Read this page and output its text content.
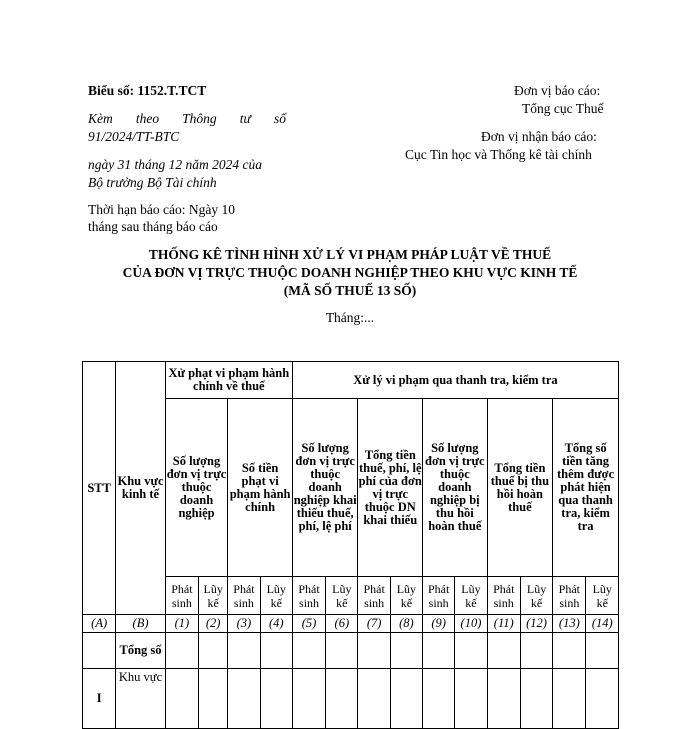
Biểu số: 1152.T.TCT
Kèm theo Thông tư số
91/2024/TT-BTC
ngày 31 tháng 12 năm 2024 của
Bộ trưởng Bộ Tài chính
Thời hạn báo cáo: Ngày 10
tháng sau tháng báo cáo
Đơn vị báo cáo:
Tổng cục Thuế
Đơn vị nhận báo cáo:
Cục Tin học và Thống kê tài chính
THỐNG KÊ TÌNH HÌNH XỬ LÝ VI PHẠM PHÁP LUẬT VỀ THUẾ
CỦA ĐƠN VỊ TRỰC THUỘC DOANH NGHIỆP THEO KHU VỰC KINH TẾ
(MÃ SỐ THUẾ 13 SỐ)
Tháng:...
STT	Khu vực kinh tế	Xử phạt vi phạm hành chính về thuế				Xử lý vi phạm qua thanh tra, kiểm tra									
		Số lượng đơn vị trực thuộc doanh nghiệp		Số tiền phạt vi phạm hành chính		Số lượng đơn vị trực thuộc doanh nghiệp khai thiếu thuế, phí, lệ phí		Tổng tiền thuế, phí, lệ phí của đơn vị trực thuộc DN khai thiếu		Số lượng đơn vị trực thuộc doanh nghiệp bị thu hồi hoàn thuế		Tổng tiền thuế bị thu hồi hoàn thuế		Tổng số tiền tăng thêm được phát hiện qua thanh tra, kiểm tra	
		Phát sinh	Lũy kế	Phát sinh	Lũy kế	Phát sinh	Lũy kế	Phát sinh	Lũy kế	Phát sinh	Lũy kế	Phát sinh	Lũy kế	Phát sinh	Lũy kế
(A)	(B)	(1)	(2)	(3)	(4)	(5)	(6)	(7)	(8)	(9)	(10)	(11)	(12)	(13)	(14)
	Tổng số														
I	Khu vực														
